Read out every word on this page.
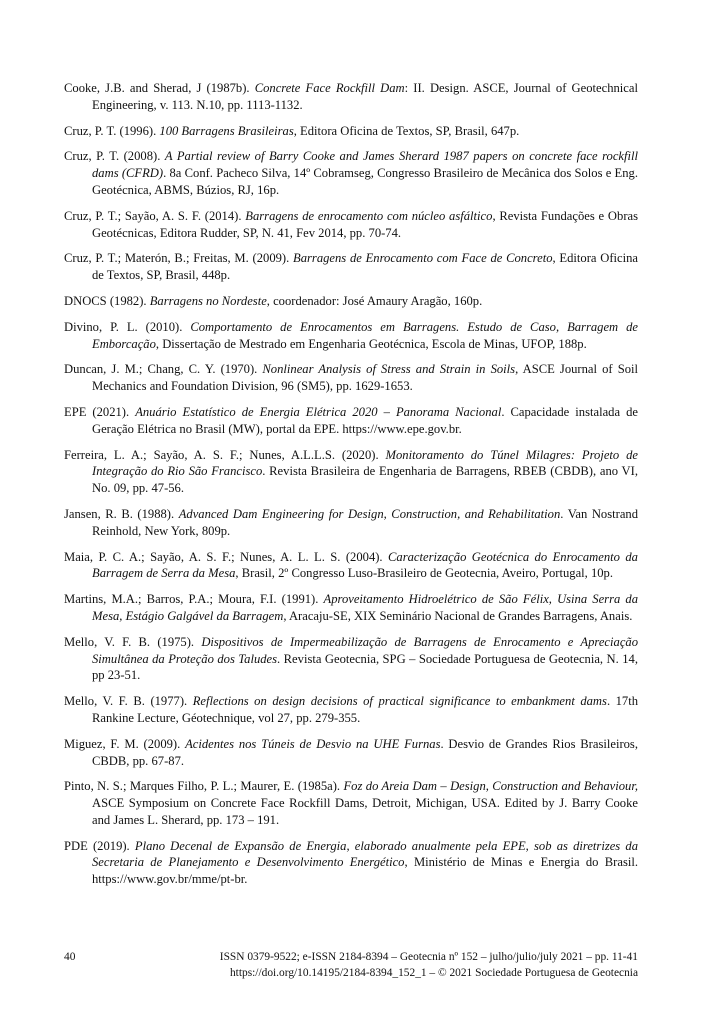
Cooke, J.B. and Sherad, J (1987b). Concrete Face Rockfill Dam: II. Design. ASCE, Journal of Geotechnical Engineering, v. 113. N.10, pp. 1113-1132.

Cruz, P. T. (1996). 100 Barragens Brasileiras, Editora Oficina de Textos, SP, Brasil, 647p.

Cruz, P. T. (2008). A Partial review of Barry Cooke and James Sherard 1987 papers on concrete face rockfill dams (CFRD). 8a Conf. Pacheco Silva, 14º Cobramseg, Congresso Brasileiro de Mecânica dos Solos e Eng. Geotécnica, ABMS, Búzios, RJ, 16p.

Cruz, P. T.; Sayão, A. S. F. (2014). Barragens de enrocamento com núcleo asfáltico, Revista Fundações e Obras Geotécnicas, Editora Rudder, SP, N. 41, Fev 2014, pp. 70-74.

Cruz, P. T.; Materón, B.; Freitas, M. (2009). Barragens de Enrocamento com Face de Concreto, Editora Oficina de Textos, SP, Brasil, 448p.

DNOCS (1982). Barragens no Nordeste, coordenador: José Amaury Aragão, 160p.

Divino, P. L. (2010). Comportamento de Enrocamentos em Barragens. Estudo de Caso, Barragem de Emborcação, Dissertação de Mestrado em Engenharia Geotécnica, Escola de Minas, UFOP, 188p.

Duncan, J. M.; Chang, C. Y. (1970). Nonlinear Analysis of Stress and Strain in Soils, ASCE Journal of Soil Mechanics and Foundation Division, 96 (SM5), pp. 1629-1653.

EPE (2021). Anuário Estatístico de Energia Elétrica 2020 – Panorama Nacional. Capacidade instalada de Geração Elétrica no Brasil (MW), portal da EPE. https://www.epe.gov.br.

Ferreira, L. A.; Sayão, A. S. F.; Nunes, A.L.L.S. (2020). Monitoramento do Túnel Milagres: Projeto de Integração do Rio São Francisco. Revista Brasileira de Engenharia de Barragens, RBEB (CBDB), ano VI, No. 09, pp. 47-56.

Jansen, R. B. (1988). Advanced Dam Engineering for Design, Construction, and Rehabilitation. Van Nostrand Reinhold, New York, 809p.

Maia, P. C. A.; Sayão, A. S. F.; Nunes, A. L. L. S. (2004). Caracterização Geotécnica do Enrocamento da Barragem de Serra da Mesa, Brasil, 2º Congresso Luso-Brasileiro de Geotecnia, Aveiro, Portugal, 10p.

Martins, M.A.; Barros, P.A.; Moura, F.I. (1991). Aproveitamento Hidroelétrico de São Félix, Usina Serra da Mesa, Estágio Galgável da Barragem, Aracaju-SE, XIX Seminário Nacional de Grandes Barragens, Anais.

Mello, V. F. B. (1975). Dispositivos de Impermeabilização de Barragens de Enrocamento e Apreciação Simultânea da Proteção dos Taludes. Revista Geotecnia, SPG – Sociedade Portuguesa de Geotecnia, N. 14, pp 23-51.

Mello, V. F. B. (1977). Reflections on design decisions of practical significance to embankment dams. 17th Rankine Lecture, Géotechnique, vol 27, pp. 279-355.

Miguez, F. M. (2009). Acidentes nos Túneis de Desvio na UHE Furnas. Desvio de Grandes Rios Brasileiros, CBDB, pp. 67-87.

Pinto, N. S.; Marques Filho, P. L.; Maurer, E. (1985a). Foz do Areia Dam – Design, Construction and Behaviour, ASCE Symposium on Concrete Face Rockfill Dams, Detroit, Michigan, USA. Edited by J. Barry Cooke and James L. Sherard, pp. 173 – 191.

PDE (2019). Plano Decenal de Expansão de Energia, elaborado anualmente pela EPE, sob as diretrizes da Secretaria de Planejamento e Desenvolvimento Energético, Ministério de Minas e Energia do Brasil. https://www.gov.br/mme/pt-br.

40	ISSN 0379-9522; e-ISSN 2184-8394 – Geotecnia nº 152 – julho/julio/july 2021 – pp. 11-41
https://doi.org/10.14195/2184-8394_152_1 – © 2021 Sociedade Portuguesa de Geotecnia
